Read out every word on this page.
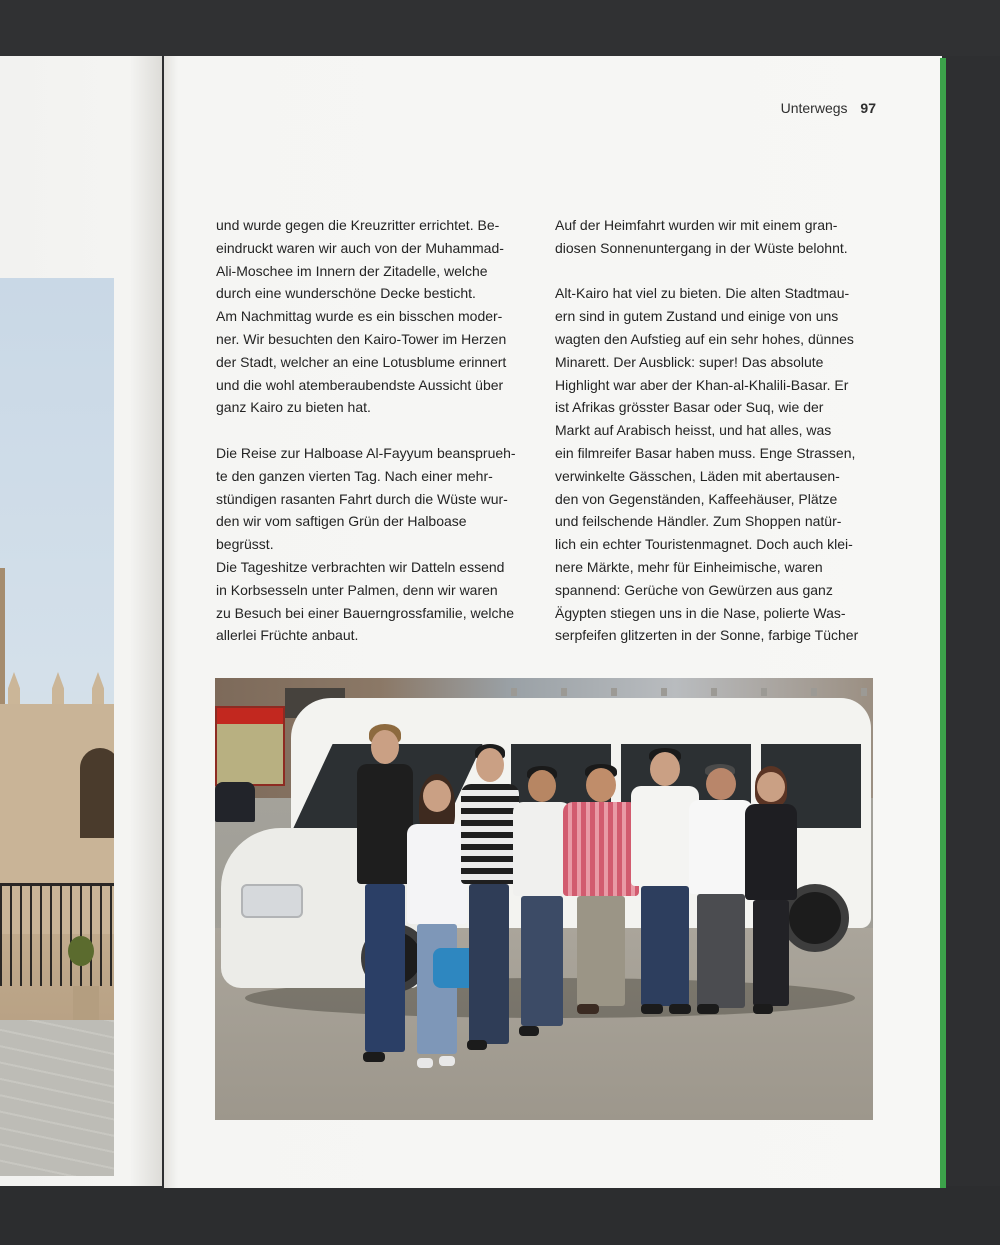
Unterwegs 97
und wurde gegen die Kreuzritter errichtet. Be-
eindruckt waren wir auch von der Muhammad-
Ali-Moschee im Innern der Zitadelle, welche
durch eine wunderschöne Decke besticht.
Am Nachmittag wurde es ein bisschen moder-
ner. Wir besuchten den Kairo-Tower im Herzen
der Stadt, welcher an eine Lotusblume erinnert
und die wohl atemberaubendste Aussicht über
ganz Kairo zu bieten hat.
Die Reise zur Halboase Al-Fayyum beansprueh-
te den ganzen vierten Tag. Nach einer mehr-
stündigen rasanten Fahrt durch die Wüste wur-
den wir vom saftigen Grün der Halboase
begrüsst.
Die Tageshitze verbrachten wir Datteln essend
in Korbsesseln unter Palmen, denn wir waren
zu Besuch bei einer Bauerngrossfamilie, welche
allerlei Früchte anbaut.
Auf der Heimfahrt wurden wir mit einem gran-
diosen Sonnenuntergang in der Wüste belohnt.
Alt-Kairo hat viel zu bieten. Die alten Stadtmau-
ern sind in gutem Zustand und einige von uns
wagten den Aufstieg auf ein sehr hohes, dünnes
Minarett. Der Ausblick: super! Das absolute
Highlight war aber der Khan-al-Khalili-Basar. Er
ist Afrikas grösster Basar oder Suq, wie der
Markt auf Arabisch heisst, und hat alles, was
ein filmreifer Basar haben muss. Enge Strassen,
verwinkelte Gässchen, Läden mit abertausen-
den von Gegenständen, Kaffeehäuser, Plätze
und feilschende Händler. Zum Shoppen natür-
lich ein echter Touristenmagnet. Doch auch klei-
nere Märkte, mehr für Einheimische, waren
spannend: Gerüche von Gewürzen aus ganz
Ägypten stiegen uns in die Nase, polierte Was-
serpfeifen glitzerten in der Sonne, farbige Tücher
